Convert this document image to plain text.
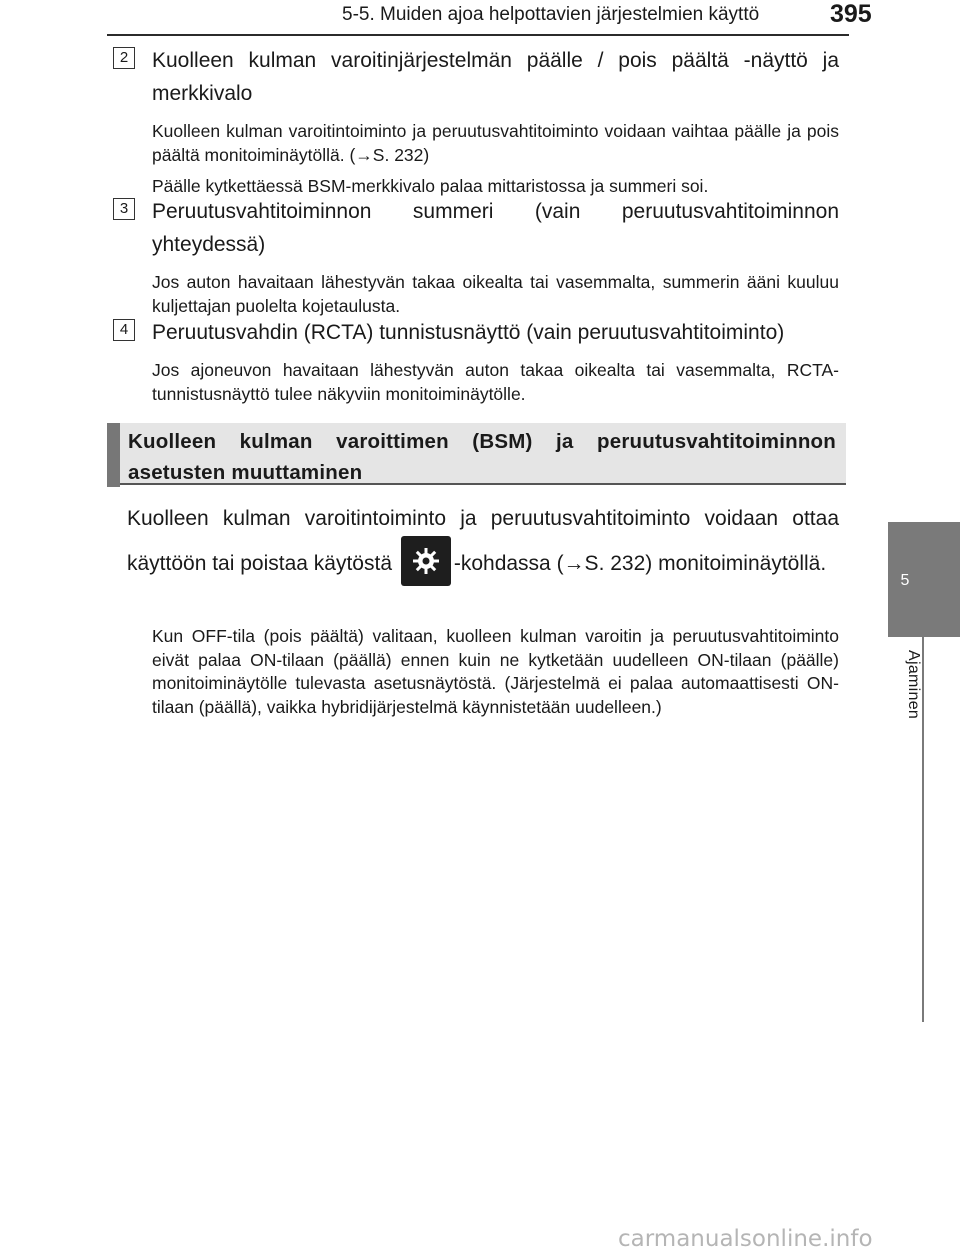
5-5. Muiden ajoa helpottavien järjestelmien käyttö	395
5
Ajaminen
2	Kuolleen kulman varoitinjärjestelmän päälle / pois päältä -näyttö ja merkkivalo
Kuolleen kulman varoitintoiminto ja peruutusvahtitoiminto voidaan vaihtaa päälle ja pois päältä monitoiminäytöllä. (→S. 232)
Päälle kytkettäessä BSM-merkkivalo palaa mittaristossa ja summeri soi.
3	Peruutusvahtitoiminnon summeri (vain peruutusvahtitoiminnon yhteydessä)
Jos auton havaitaan lähestyvän takaa oikealta tai vasemmalta, summerin ääni kuuluu kuljettajan puolelta kojetaulusta.
4	Peruutusvahdin (RCTA) tunnistusnäyttö (vain peruutusvahtitoiminto)
Jos ajoneuvon havaitaan lähestyvän auton takaa oikealta tai vasemmalta, RCTA-tunnistusnäyttö tulee näkyviin monitoiminäytölle.
Kuolleen kulman varoittimen (BSM) ja peruutusvahtitoiminnon asetusten muuttaminen
Kuolleen kulman varoitintoiminto ja peruutusvahtitoiminto voidaan ottaa käyttöön tai poistaa käytöstä	-kohdassa (→S. 232) monitoiminäytöllä.
Kun OFF-tila (pois päältä) valitaan, kuolleen kulman varoitin ja peruutusvahtitoiminto eivät palaa ON-tilaan (päällä) ennen kuin ne kytketään uudelleen ON-tilaan (päälle) monitoiminäytölle tulevasta asetusnäytöstä. (Järjestelmä ei palaa automaattisesti ON-tilaan (päällä), vaikka hybridijärjestelmä käynnistetään uudelleen.)
carmanualsonline.info
